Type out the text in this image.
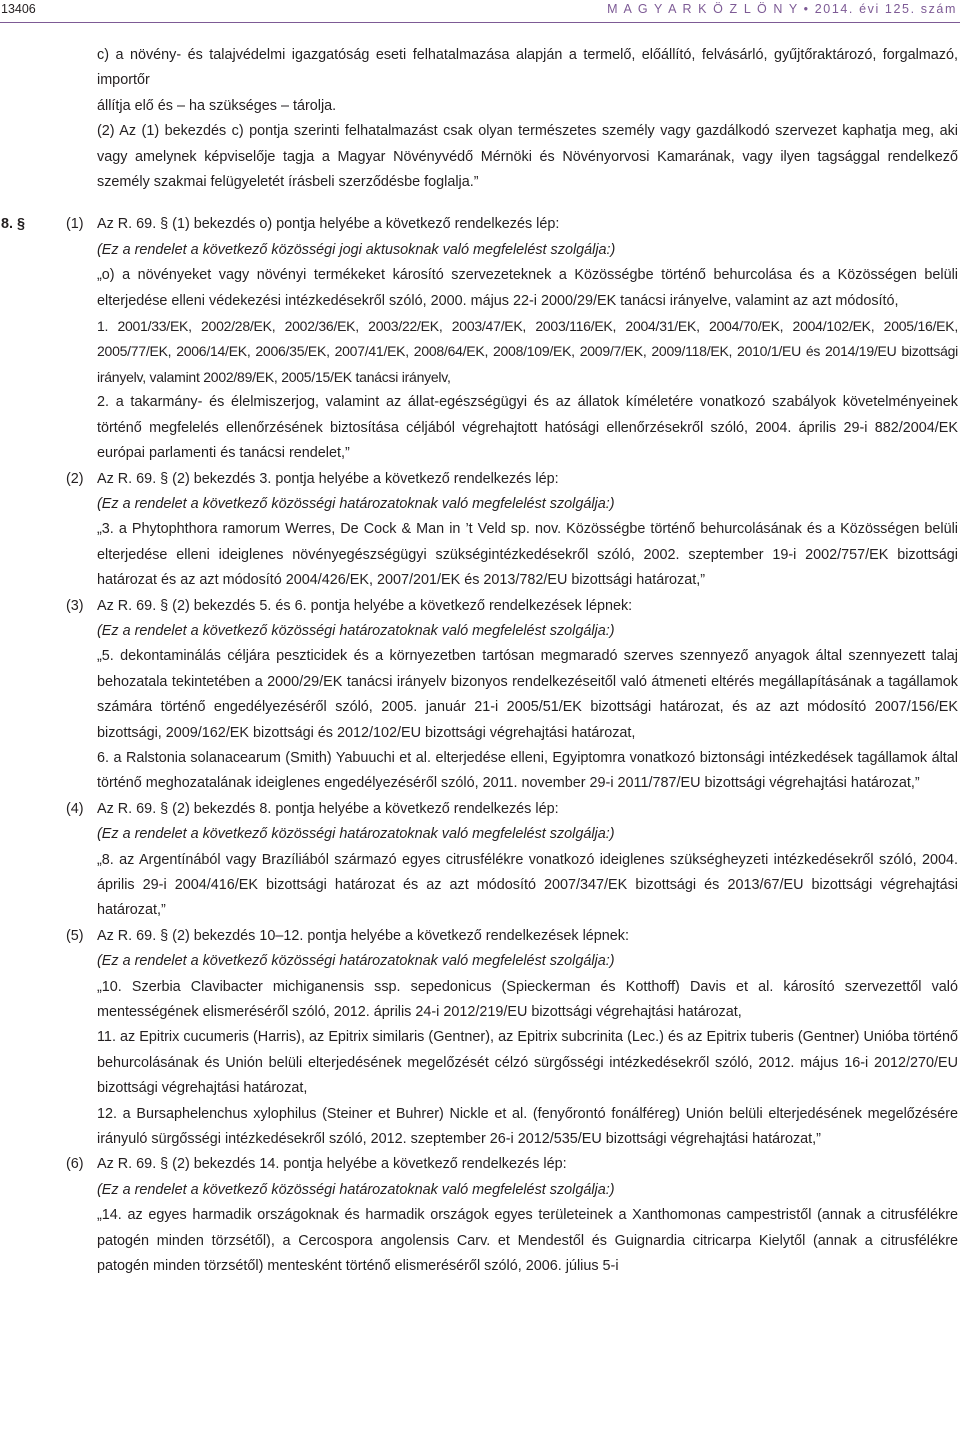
13406	M A G Y A R K Ö Z L Ö N Y • 2014. évi 125. szám

c) a növény- és talajvédelmi igazgatóság eseti felhatalmazása alapján a termelő, előállító, felvásárló, gyűjtőraktározó, forgalmazó, importőr
állítja elő és – ha szükséges – tárolja.

(2) Az (1) bekezdés c) pontja szerinti felhatalmazást csak olyan természetes személy vagy gazdálkodó szervezet kaphatja meg, aki vagy amelynek képviselője tagja a Magyar Növényvédő Mérnöki és Növényorvosi Kamarának, vagy ilyen tagsággal rendelkező személy szakmai felügyeletét írásbeli szerződésbe foglalja.”

8. §	(1) Az R. 69. § (1) bekezdés o) pontja helyébe a következő rendelkezés lép:

(Ez a rendelet a következő közösségi jogi aktusoknak való megfelelést szolgálja:)

„o) a növényeket vagy növényi termékeket károsító szervezeteknek a Közösségbe történő behurcolása és a Közösségen belüli elterjedése elleni védekezési intézkedésekről szóló, 2000. május 22-i 2000/29/EK tanácsi irányelve, valamint az azt módosító,

1. 2001/33/EK, 2002/28/EK, 2002/36/EK, 2003/22/EK, 2003/47/EK, 2003/116/EK, 2004/31/EK, 2004/70/EK, 2004/102/EK, 2005/16/EK, 2005/77/EK, 2006/14/EK, 2006/35/EK, 2007/41/EK, 2008/64/EK, 2008/109/EK, 2009/7/EK, 2009/118/EK, 2010/1/EU és 2014/19/EU bizottsági irányelv, valamint 2002/89/EK, 2005/15/EK tanácsi irányelv,

2. a takarmány- és élelmiszerjog, valamint az állat-egészségügyi és az állatok kíméletére vonatkozó szabályok követelményeinek történő megfelelés ellenőrzésének biztosítása céljából végrehajtott hatósági ellenőrzésekről szóló, 2004. április 29-i 882/2004/EK európai parlamenti és tanácsi rendelet,”

(2) Az R. 69. § (2) bekezdés 3. pontja helyébe a következő rendelkezés lép:

(Ez a rendelet a következő közösségi határozatoknak való megfelelést szolgálja:)

„3. a Phytophthora ramorum Werres, De Cock & Man in ’t Veld sp. nov. Közösségbe történő behurcolásának és a Közösségen belüli elterjedése elleni ideiglenes növényegészségügyi szükségintézkedésekről szóló, 2002. szeptember 19-i 2002/757/EK bizottsági határozat és az azt módosító 2004/426/EK, 2007/201/EK és 2013/782/EU bizottsági határozat,”

(3) Az R. 69. § (2) bekezdés 5. és 6. pontja helyébe a következő rendelkezések lépnek:

(Ez a rendelet a következő közösségi határozatoknak való megfelelést szolgálja:)

„5. dekontaminálás céljára peszticidek és a környezetben tartósan megmaradó szerves szennyező anyagok által szennyezett talaj behozatala tekintetében a 2000/29/EK tanácsi irányelv bizonyos rendelkezéseitől való átmeneti eltérés megállapításának a tagállamok számára történő engedélyezéséről szóló, 2005. január 21-i 2005/51/EK bizottsági határozat, és az azt módosító 2007/156/EK bizottsági, 2009/162/EK bizottsági és 2012/102/EU bizottsági végrehajtási határozat,

6. a Ralstonia solanacearum (Smith) Yabuuchi et al. elterjedése elleni, Egyiptomra vonatkozó biztonsági intézkedések tagállamok által történő meghozatalának ideiglenes engedélyezéséről szóló, 2011. november 29-i 2011/787/EU bizottsági végrehajtási határozat,”

(4) Az R. 69. § (2) bekezdés 8. pontja helyébe a következő rendelkezés lép:

(Ez a rendelet a következő közösségi határozatoknak való megfelelést szolgálja:)

„8. az Argentínából vagy Brazíliából származó egyes citrusfélékre vonatkozó ideiglenes szükségheyzeti intézkedésekről szóló, 2004. április 29-i 2004/416/EK bizottsági határozat és az azt módosító 2007/347/EK bizottsági és 2013/67/EU bizottsági végrehajtási határozat,”

(5) Az R. 69. § (2) bekezdés 10–12. pontja helyébe a következő rendelkezések lépnek:

(Ez a rendelet a következő közösségi határozatoknak való megfelelést szolgálja:)

„10. Szerbia Clavibacter michiganensis ssp. sepedonicus (Spieckerman és Kotthoff) Davis et al. károsító szervezettől való mentességének elismeréséről szóló, 2012. április 24-i 2012/219/EU bizottsági végrehajtási határozat,

11. az Epitrix cucumeris (Harris), az Epitrix similaris (Gentner), az Epitrix subcrinita (Lec.) és az Epitrix tuberis (Gentner) Unióba történő behurcolásának és Unión belüli elterjedésének megelőzését célzó sürgősségi intézkedésekről szóló, 2012. május 16-i 2012/270/EU bizottsági végrehajtási határozat,

12. a Bursaphelenchus xylophilus (Steiner et Buhrer) Nickle et al. (fenyőrontó fonálféreg) Unión belüli elterjedésének megelőzésére irányuló sürgősségi intézkedésekről szóló, 2012. szeptember 26-i 2012/535/EU bizottsági végrehajtási határozat,”

(6) Az R. 69. § (2) bekezdés 14. pontja helyébe a következő rendelkezés lép:

(Ez a rendelet a következő közösségi határozatoknak való megfelelést szolgálja:)

„14. az egyes harmadik országoknak és harmadik országok egyes területeinek a Xanthomonas campestristől (annak a citrusfélékre patogén minden törzsétől), a Cercospora angolensis Carv. et Mendestől és Guignardia citricarpa Kielytől (annak a citrusfélékre patogén minden törzsétől) mentesként történő elismeréséről szóló, 2006. július 5-i
